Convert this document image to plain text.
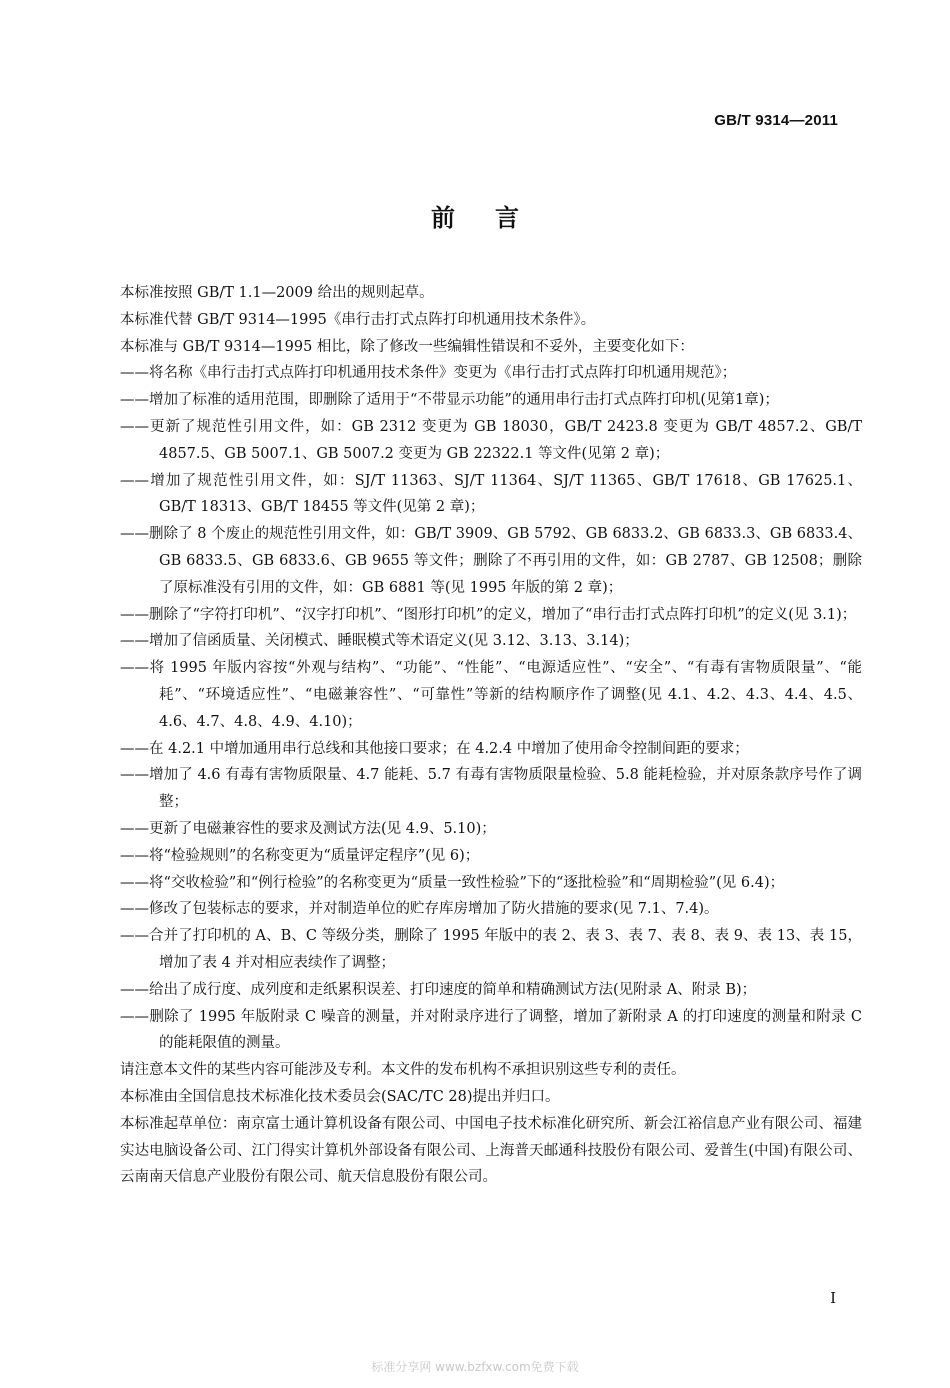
GB/T 9314—2011
前言

本标准按照 GB/T 1.1—2009 给出的规则起草。

本标准代替 GB/T 9314—1995《串行击打式点阵打印机通用技术条件》。

本标准与 GB/T 9314—1995 相比，除了修改一些编辑性错误和不妥外，主要变化如下：

——将名称《串行击打式点阵打印机通用技术条件》变更为《串行击打式点阵打印机通用规范》；

——增加了标准的适用范围，即删除了适用于“不带显示功能”的通用串行击打式点阵打印机(见第1章)；

——更新了规范性引用文件，如：GB 2312 变更为 GB 18030，GB/T 2423.8 变更为 GB/T 4857.2、GB/T 4857.5、GB 5007.1、GB 5007.2 变更为 GB 22322.1 等文件(见第 2 章)；

——增加了规范性引用文件，如：SJ/T 11363、SJ/T 11364、SJ/T 11365、GB/T 17618、GB 17625.1、GB/T 18313、GB/T 18455 等文件(见第 2 章)；

——删除了 8 个废止的规范性引用文件，如：GB/T 3909、GB 5792、GB 6833.2、GB 6833.3、GB 6833.4、GB 6833.5、GB 6833.6、GB 9655 等文件；删除了不再引用的文件，如：GB 2787、GB 12508；删除了原标准没有引用的文件，如：GB 6881 等(见 1995 年版的第 2 章)；

——删除了“字符打印机”、“汉字打印机”、“图形打印机”的定义，增加了“串行击打式点阵打印机”的定义(见 3.1)；

——增加了信函质量、关闭模式、睡眠模式等术语定义(见 3.12、3.13、3.14)；

——将 1995 年版内容按“外观与结构”、“功能”、“性能”、“电源适应性”、“安全”、“有毒有害物质限量”、“能耗”、“环境适应性”、“电磁兼容性”、“可靠性”等新的结构顺序作了调整(见 4.1、4.2、4.3、4.4、4.5、4.6、4.7、4.8、4.9、4.10)；

——在 4.2.1 中增加通用串行总线和其他接口要求；在 4.2.4 中增加了使用命令控制间距的要求；

——增加了 4.6 有毒有害物质限量、4.7 能耗、5.7 有毒有害物质限量检验、5.8 能耗检验，并对原条款序号作了调整；

——更新了电磁兼容性的要求及测试方法(见 4.9、5.10)；

——将“检验规则”的名称变更为“质量评定程序”(见 6)；

——将“交收检验”和“例行检验”的名称变更为“质量一致性检验”下的“逐批检验”和“周期检验”(见 6.4)；

——修改了包装标志的要求，并对制造单位的贮存库房增加了防火措施的要求(见 7.1、7.4)。

——合并了打印机的 A、B、C 等级分类，删除了 1995 年版中的表 2、表 3、表 7、表 8、表 9、表 13、表 15，增加了表 4 并对相应表续作了调整；

——给出了成行度、成列度和走纸累积误差、打印速度的简单和精确测试方法(见附录 A、附录 B)；

——删除了 1995 年版附录 C 噪音的测量，并对附录序进行了调整，增加了新附录 A 的打印速度的测量和附录 C 的能耗限值的测量。

请注意本文件的某些内容可能涉及专利。本文件的发布机构不承担识别这些专利的责任。

本标准由全国信息技术标准化技术委员会(SAC/TC 28)提出并归口。

本标准起草单位：南京富士通计算机设备有限公司、中国电子技术标准化研究所、新会江裕信息产业有限公司、福建实达电脑设备公司、江门得实计算机外部设备有限公司、上海普天邮通科技股份有限公司、爱普生(中国)有限公司、云南南天信息产业股份有限公司、航天信息股份有限公司。

I
标准分享网 www.bzfxw.com免费下载
